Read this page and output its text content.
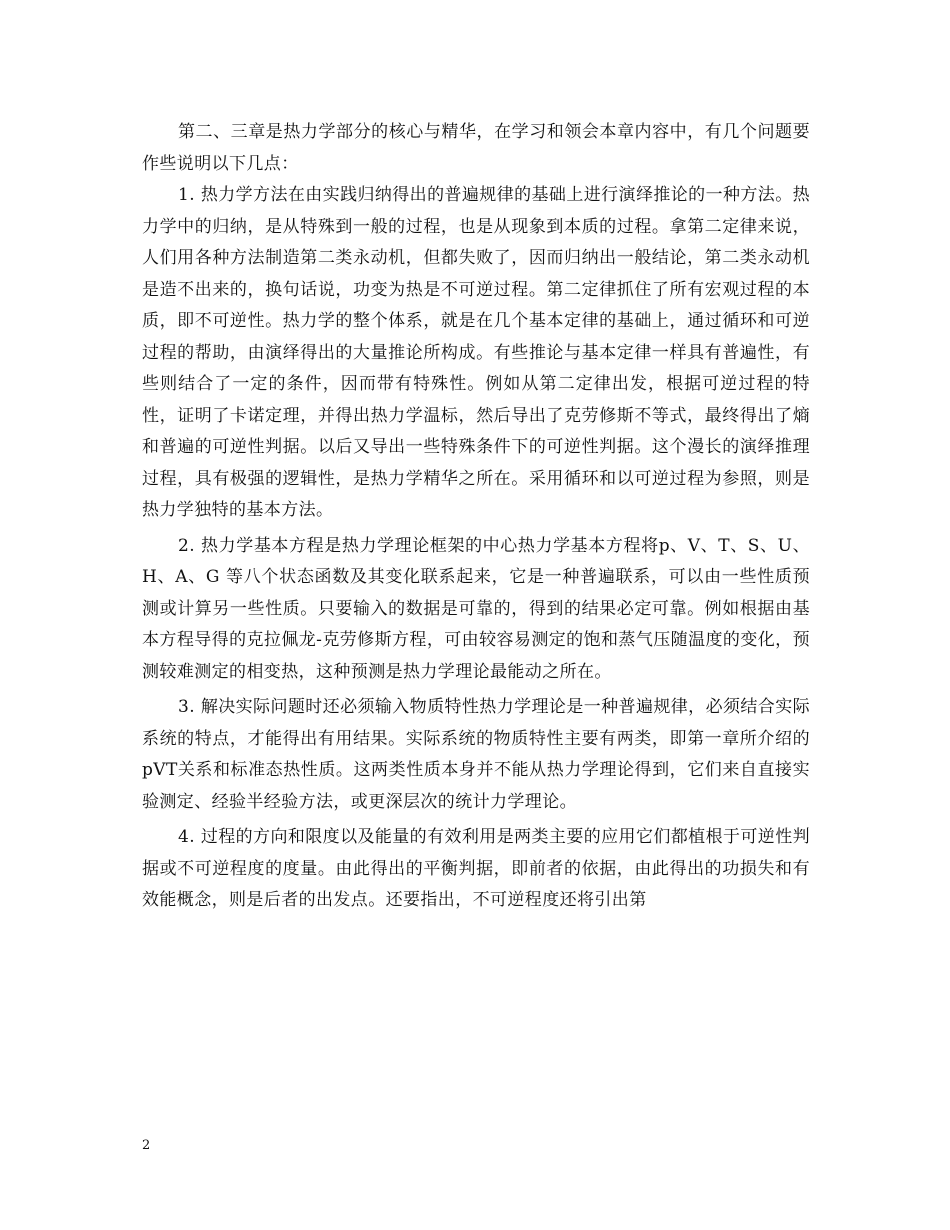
第二、三章是热力学部分的核心与精华，在学习和领会本章内容中，有几个问题要作些说明以下几点：

1. 热力学方法在由实践归纳得出的普遍规律的基础上进行演绎推论的一种方法。热力学中的归纳，是从特殊到一般的过程，也是从现象到本质的过程。拿第二定律来说，人们用各种方法制造第二类永动机，但都失败了，因而归纳出一般结论，第二类永动机是造不出来的，换句话说，功变为热是不可逆过程。第二定律抓住了所有宏观过程的本质，即不可逆性。热力学的整个体系，就是在几个基本定律的基础上，通过循环和可逆过程的帮助，由演绎得出的大量推论所构成。有些推论与基本定律一样具有普遍性，有些则结合了一定的条件，因而带有特殊性。例如从第二定律出发，根据可逆过程的特性，证明了卡诺定理，并得出热力学温标，然后导出了克劳修斯不等式，最终得出了熵和普遍的可逆性判据。以后又导出一些特殊条件下的可逆性判据。这个漫长的演绎推理过程，具有极强的逻辑性，是热力学精华之所在。采用循环和以可逆过程为参照，则是热力学独特的基本方法。

2. 热力学基本方程是热力学理论框架的中心热力学基本方程将p、V、T、S、U、H、A、G 等八个状态函数及其变化联系起来，它是一种普遍联系，可以由一些性质预测或计算另一些性质。只要输入的数据是可靠的，得到的结果必定可靠。例如根据由基本方程导得的克拉佩龙-克劳修斯方程，可由较容易测定的饱和蒸气压随温度的变化，预测较难测定的相变热，这种预测是热力学理论最能动之所在。

3. 解决实际问题时还必须输入物质特性热力学理论是一种普遍规律，必须结合实际系统的特点，才能得出有用结果。实际系统的物质特性主要有两类，即第一章所介绍的pVT关系和标准态热性质。这两类性质本身并不能从热力学理论得到，它们来自直接实验测定、经验半经验方法，或更深层次的统计力学理论。

4. 过程的方向和限度以及能量的有效利用是两类主要的应用它们都植根于可逆性判据或不可逆程度的度量。由此得出的平衡判据，即前者的依据，由此得出的功损失和有效能概念，则是后者的出发点。还要指出，不可逆程度还将引出第

2
